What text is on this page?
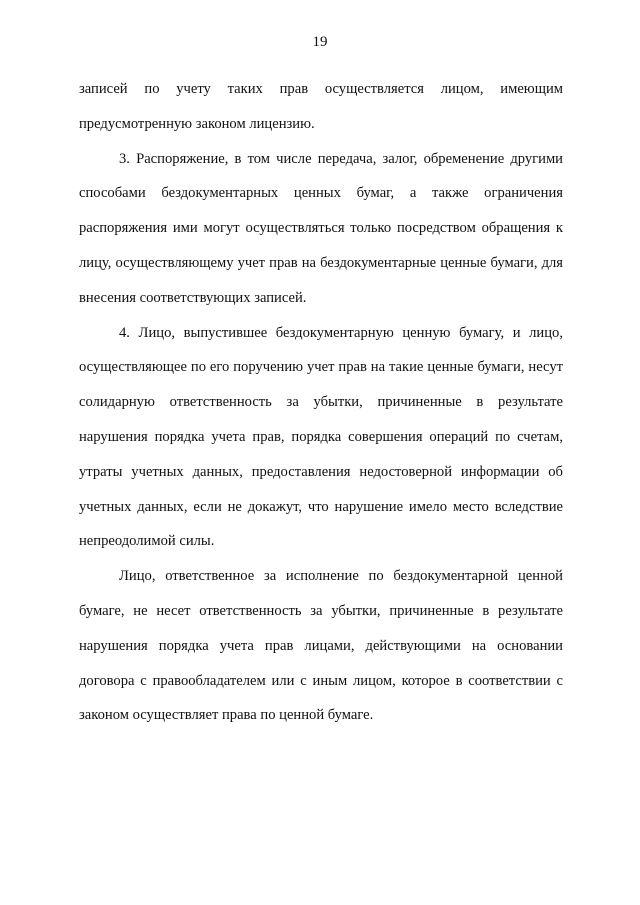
19

записей по учету таких прав осуществляется лицом, имеющим предусмотренную законом лицензию.

3. Распоряжение, в том числе передача, залог, обременение другими способами бездокументарных ценных бумаг, а также ограничения распоряжения ими могут осуществляться только посредством обращения к лицу, осуществляющему учет прав на бездокументарные ценные бумаги, для внесения соответствующих записей.

4. Лицо, выпустившее бездокументарную ценную бумагу, и лицо, осуществляющее по его поручению учет прав на такие ценные бумаги, несут солидарную ответственность за убытки, причиненные в результате нарушения порядка учета прав, порядка совершения операций по счетам, утраты учетных данных, предоставления недостоверной информации об учетных данных, если не докажут, что нарушение имело место вследствие непреодолимой силы.

Лицо, ответственное за исполнение по бездокументарной ценной бумаге, не несет ответственность за убытки, причиненные в результате нарушения порядка учета прав лицами, действующими на основании договора с правообладателем или с иным лицом, которое в соответствии с законом осуществляет права по ценной бумаге.
